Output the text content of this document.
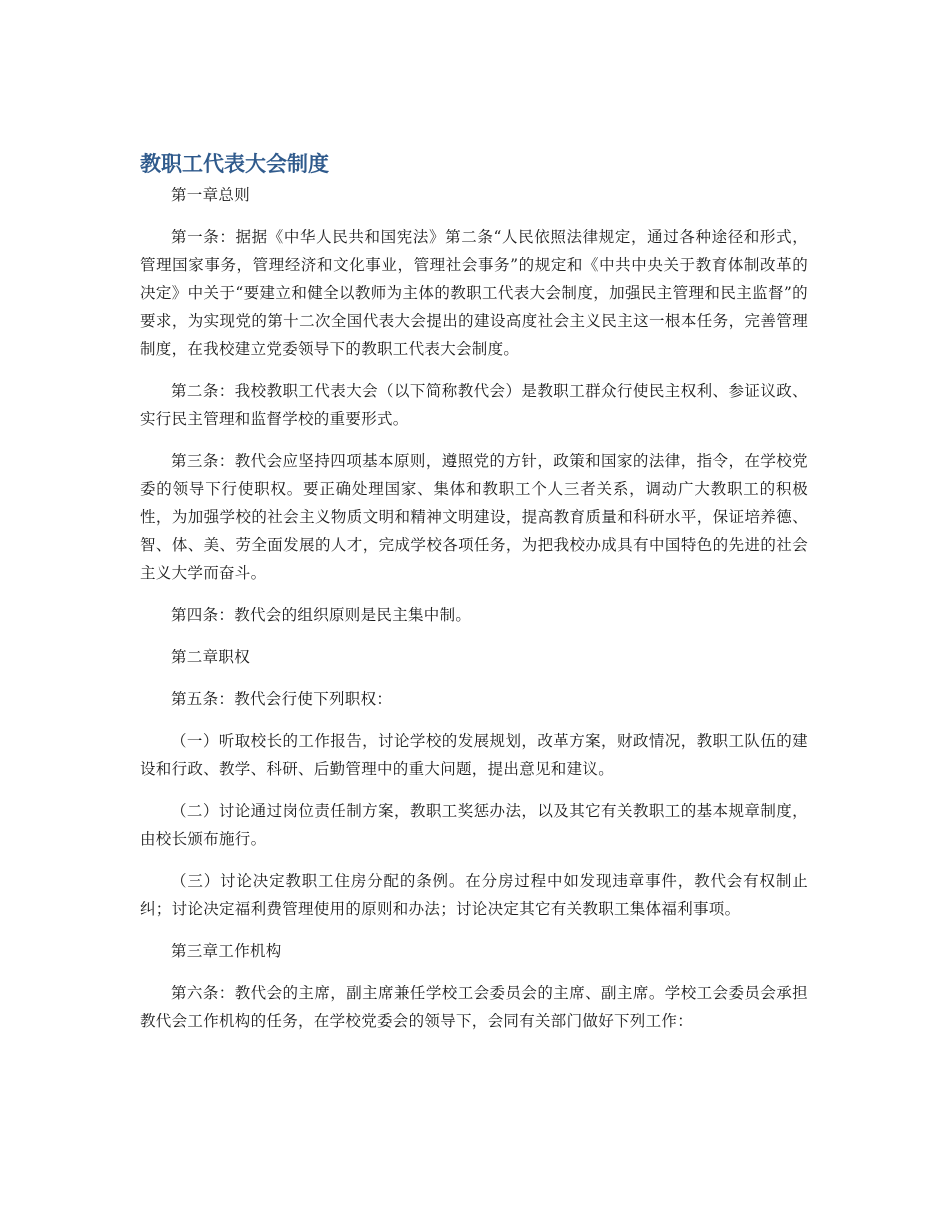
教职工代表大会制度

第一章总则

第一条：据据《中华人民共和国宪法》第二条“人民依照法律规定，通过各种途径和形式，管理国家事务，管理经济和文化事业，管理社会事务”的规定和《中共中央关于教育体制改革的决定》中关于“要建立和健全以教师为主体的教职工代表大会制度，加强民主管理和民主监督”的要求，为实现党的第十二次全国代表大会提出的建设高度社会主义民主这一根本任务，完善管理制度，在我校建立党委领导下的教职工代表大会制度。

第二条：我校教职工代表大会（以下简称教代会）是教职工群众行使民主权利、参证议政、实行民主管理和监督学校的重要形式。

第三条：教代会应坚持四项基本原则，遵照党的方针，政策和国家的法律，指令，在学校党委的领导下行使职权。要正确处理国家、集体和教职工个人三者关系，调动广大教职工的积极性，为加强学校的社会主义物质文明和精神文明建设，提高教育质量和科研水平，保证培养德、智、体、美、劳全面发展的人才，完成学校各项任务，为把我校办成具有中国特色的先进的社会主义大学而奋斗。

第四条：教代会的组织原则是民主集中制。

第二章职权

第五条：教代会行使下列职权：

（一）听取校长的工作报告，讨论学校的发展规划，改革方案，财政情况，教职工队伍的建设和行政、教学、科研、后勤管理中的重大问题，提出意见和建议。

（二）讨论通过岗位责任制方案，教职工奖惩办法，以及其它有关教职工的基本规章制度，由校长颁布施行。

（三）讨论决定教职工住房分配的条例。在分房过程中如发现违章事件，教代会有权制止纠；讨论决定福利费管理使用的原则和办法；讨论决定其它有关教职工集体福利事项。

第三章工作机构

第六条：教代会的主席，副主席兼任学校工会委员会的主席、副主席。学校工会委员会承担教代会工作机构的任务，在学校党委会的领导下，会同有关部门做好下列工作：
